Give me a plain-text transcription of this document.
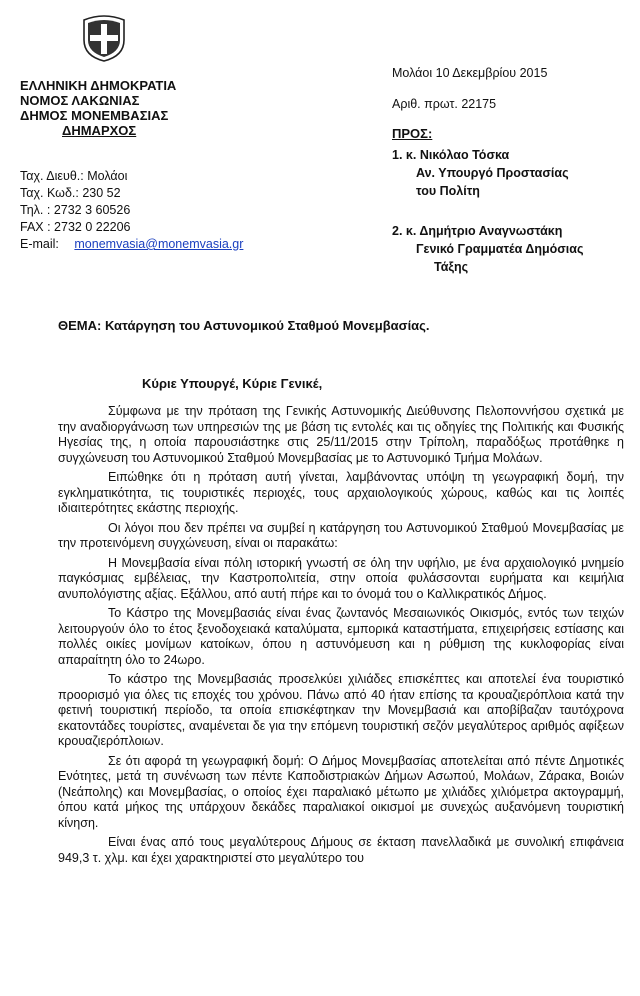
ΕΛΛΗΝΙΚΗ ΔΗΜΟΚΡΑΤΙΑ
ΝΟΜΟΣ ΛΑΚΩΝΙΑΣ
ΔΗΜΟΣ ΜΟΝΕΜΒΑΣΙΑΣ
ΔΗΜΑΡΧΟΣ
Ταχ. Διευθ.: Μολάοι
Ταχ. Κωδ.: 230 52
Τηλ. : 2732 3 60526
FAX : 2732 0 22206
E-mail: monemvasia@monemvasia.gr
Μολάοι 10 Δεκεμβρίου 2015
Αριθ. πρωτ. 22175
ΠΡΟΣ:
1. κ. Νικόλαο Τόσκα
Αν. Υπουργό Προστασίας
του Πολίτη
2. κ. Δημήτριο Αναγνωστάκη
Γενικό Γραμματέα Δημόσιας
Τάξης
ΘΕΜΑ: Κατάργηση του Αστυνομικού Σταθμού Μονεμβασίας.
Κύριε Υπουργέ, Κύριε Γενικέ,

Σύμφωνα με την πρόταση της Γενικής Αστυνομικής Διεύθυνσης Πελοποννήσου σχετικά με την αναδιοργάνωση των υπηρεσιών της με βάση τις εντολές και τις οδηγίες της Πολιτικής και Φυσικής Ηγεσίας της, η οποία παρουσιάστηκε στις 25/11/2015 στην Τρίπολη, παραδόξως προτάθηκε η συγχώνευση του Αστυνομικού Σταθμού Μονεμβασίας με το Αστυνομικό Τμήμα Μολάων.

Ειπώθηκε ότι η πρόταση αυτή γίνεται, λαμβάνοντας υπόψη τη γεωγραφική δομή, την εγκληματικότητα, τις τουριστικές περιοχές, τους αρχαιολογικούς χώρους, καθώς και τις λοιπές ιδιαιτερότητες εκάστης περιοχής.

Οι λόγοι που δεν πρέπει να συμβεί η κατάργηση του Αστυνομικού Σταθμού Μονεμβασίας με την προτεινόμενη συγχώνευση, είναι οι παρακάτω:

Η Μονεμβασία είναι πόλη ιστορική γνωστή σε όλη την υφήλιο, με ένα αρχαιολογικό μνημείο παγκόσμιας εμβέλειας, την Καστροπολιτεία, στην οποία φυλάσσονται ευρήματα και κειμήλια ανυπολόγιστης αξίας. Εξάλλου, από αυτή πήρε και το όνομά του ο Καλλικρατικός Δήμος.

Το Κάστρο της Μονεμβασιάς είναι ένας ζωντανός Μεσαιωνικός Οικισμός, εντός των τειχών λειτουργούν όλο το έτος ξενοδοχειακά καταλύματα, εμπορικά καταστήματα, επιχειρήσεις εστίασης και πολλές οικίες μονίμων κατοίκων, όπου η αστυνόμευση και η ρύθμιση της κυκλοφορίας είναι απαραίτητη όλο το 24ωρο.

Το κάστρο της Μονεμβασιάς προσελκύει χιλιάδες επισκέπτες και αποτελεί ένα τουριστικό προορισμό για όλες τις εποχές του χρόνου. Πάνω από 40 ήταν επίσης τα κρουαζιερόπλοια κατά την φετινή τουριστική περίοδο, τα οποία επισκέφτηκαν την Μονεμβασιά και αποβίβαζαν ταυτόχρονα εκατοντάδες τουρίστες, αναμένεται δε για την επόμενη τουριστική σεζόν μεγαλύτερος αριθμός αφίξεων κρουαζιερόπλοιων.

Σε ότι αφορά τη γεωγραφική δομή: Ο Δήμος Μονεμβασίας αποτελείται από πέντε Δημοτικές Ενότητες, μετά τη συνένωση των πέντε Καποδιστριακών Δήμων Ασωπού, Μολάων, Ζάρακα, Βοιών (Νεάπολης) και Μονεμβασίας, ο οποίος έχει παραλιακό μέτωπο με χιλιάδες χιλιόμετρα ακτογραμμή, όπου κατά μήκος της υπάρχουν δεκάδες παραλιακοί οικισμοί με συνεχώς αυξανόμενη τουριστική κίνηση.

Είναι ένας από τους μεγαλύτερους Δήμους σε έκταση πανελλαδικά με συνολική επιφάνεια 949,3 τ. χλμ. και έχει χαρακτηριστεί στο μεγαλύτερο του
